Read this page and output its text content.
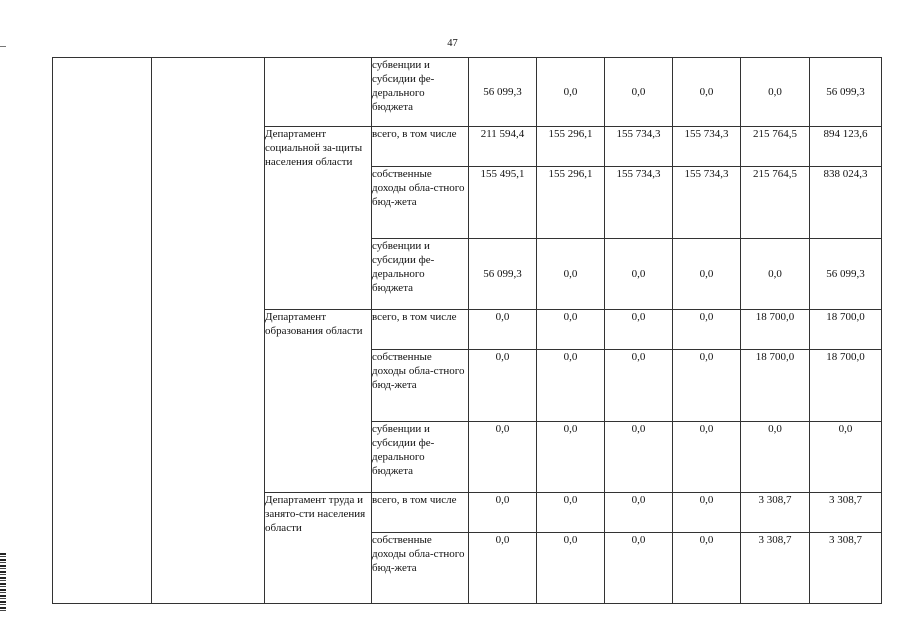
47
			субвенции и субсидии фе-дерального бюджета	56 099,3	0,0	0,0	0,0	0,0	56 099,3
		Департамент социальной за-щиты населения области	всего, в том числе	211 594,4	155 296,1	155 734,3	155 734,3	215 764,5	894 123,6
			собственные доходы обла-стного бюд-жета	155 495,1	155 296,1	155 734,3	155 734,3	215 764,5	838 024,3
			субвенции и субсидии фе-дерального бюджета	56 099,3	0,0	0,0	0,0	0,0	56 099,3
		Департамент образования области	всего, в том числе	0,0	0,0	0,0	0,0	18 700,0	18 700,0
			собственные доходы обла-стного бюд-жета	0,0	0,0	0,0	0,0	18 700,0	18 700,0
			субвенции и субсидии фе-дерального бюджета	0,0	0,0	0,0	0,0	0,0	0,0
		Департамент труда и занято-сти населения области	всего, в том числе	0,0	0,0	0,0	0,0	3 308,7	3 308,7
			собственные доходы обла-стного бюд-жета	0,0	0,0	0,0	0,0	3 308,7	3 308,7
